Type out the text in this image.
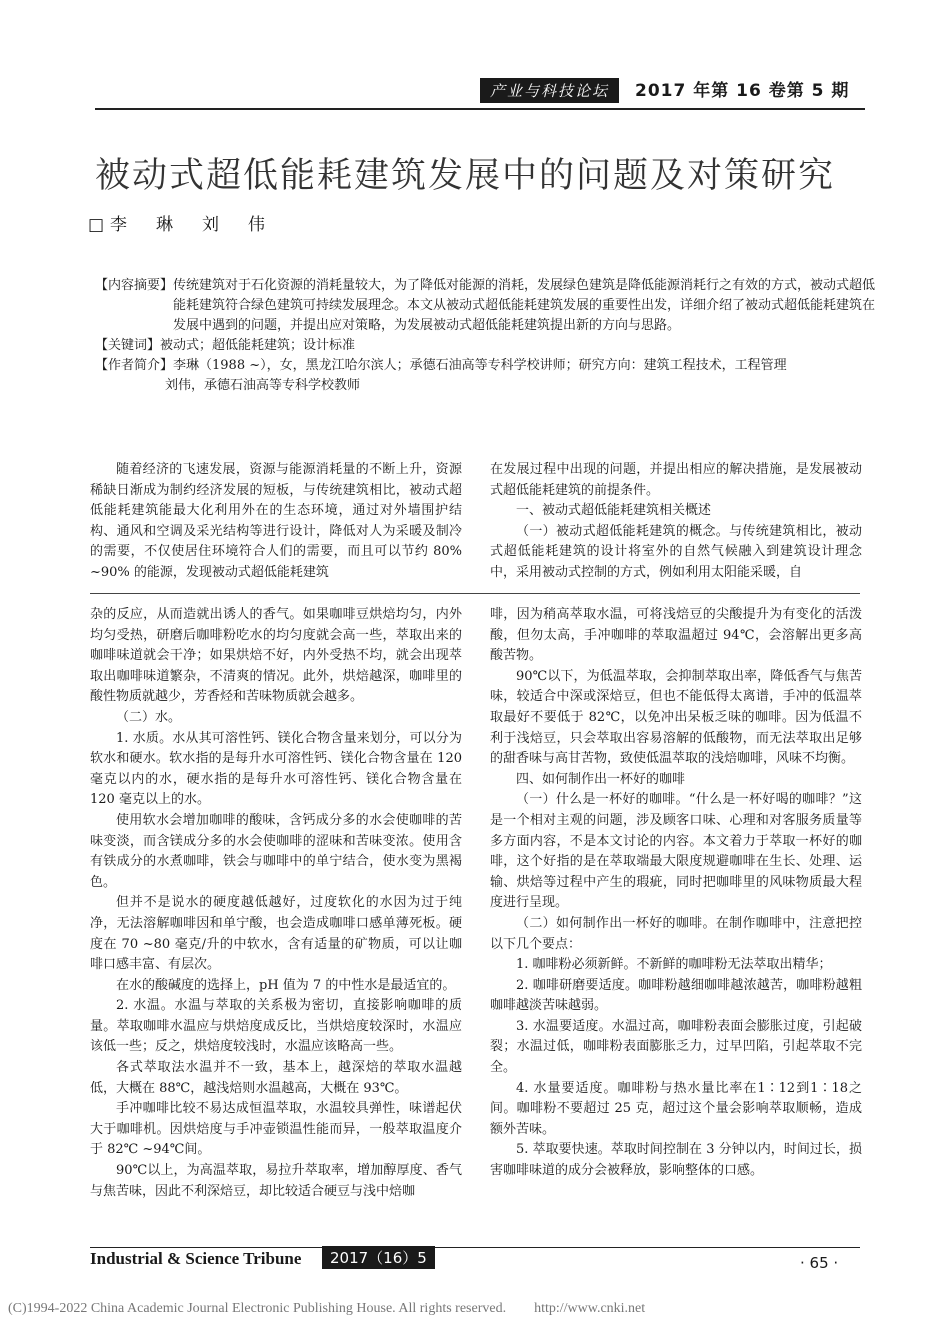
产业与科技论坛	2017 年第 16 卷第 5 期
被动式超低能耗建筑发展中的问题及对策研究
□李　琳　刘　伟
【内容摘要】 传统建筑对于石化资源的消耗量较大，为了降低对能源的消耗，发展绿色建筑是降低能源消耗行之有效的方式，被动式超低能耗建筑符合绿色建筑可持续发展理念。本文从被动式超低能耗建筑发展的重要性出发，详细介绍了被动式超低能耗建筑在发展中遇到的问题，并提出应对策略，为发展被动式超低能耗建筑提出新的方向与思路。
【关键词】 被动式；超低能耗建筑；设计标准
【作者简介】 李琳（1988 ~），女，黑龙江哈尔滨人；承德石油高等专科学校讲师；研究方向：建筑工程技术，工程管理
刘伟，承德石油高等专科学校教师

随着经济的飞速发展，资源与能源消耗量的不断上升，资源稀缺日渐成为制约经济发展的短板，与传统建筑相比，被动式超低能耗建筑能最大化利用外在的生态环境，通过对外墙围护结构、通风和空调及采光结构等进行设计，降低对人为采暖及制冷的需要，不仅使居住环境符合人们的需要，而且可以节约 80% ~90% 的能源，发现被动式超低能耗建筑

在发展过程中出现的问题，并提出相应的解决措施，是发展被动式超低能耗建筑的前提条件。

一、被动式超低能耗建筑相关概述

（一）被动式超低能耗建筑的概念。与传统建筑相比，被动式超低能耗建筑的设计将室外的自然气候融入到建筑设计理念中，采用被动式控制的方式，例如利用太阳能采暖，自

杂的反应，从而造就出诱人的香气。如果咖啡豆烘焙均匀，内外均匀受热，研磨后咖啡粉吃水的均匀度就会高一些，萃取出来的咖啡味道就会干净；如果烘焙不好，内外受热不均，就会出现萃取出咖啡味道繁杂，不清爽的情况。此外，烘焙越深，咖啡里的酸性物质就越少，芳香烃和苦味物质就会越多。

（二）水。

1. 水质。水从其可溶性钙、镁化合物含量来划分，可以分为软水和硬水。软水指的是每升水可溶性钙、镁化合物含量在 120 毫克以内的水，硬水指的是每升水可溶性钙、镁化合物含量在 120 毫克以上的水。

使用软水会增加咖啡的酸味，含钙成分多的水会使咖啡的苦味变淡，而含镁成分多的水会使咖啡的涩味和苦味变浓。使用含有铁成分的水煮咖啡，铁会与咖啡中的单宁结合，使水变为黑褐色。

但并不是说水的硬度越低越好，过度软化的水因为过于纯净，无法溶解咖啡因和单宁酸，也会造成咖啡口感单薄死板。硬度在 70 ~80 毫克/升的中软水，含有适量的矿物质，可以让咖啡口感丰富、有层次。

在水的酸碱度的选择上，pH 值为 7 的中性水是最适宜的。

2. 水温。水温与萃取的关系极为密切，直接影响咖啡的质量。萃取咖啡水温应与烘焙度成反比，当烘焙度较深时，水温应该低一些；反之，烘焙度较浅时，水温应该略高一些。

各式萃取法水温并不一致，基本上，越深焙的萃取水温越低，大概在 88℃，越浅焙则水温越高，大概在 93℃。

手冲咖啡比较不易达成恒温萃取，水温较具弹性，味谱起伏大于咖啡机。因烘焙度与手冲壶锁温性能而异，一般萃取温度介于 82℃ ~94℃间。

90℃以上，为高温萃取，易拉升萃取率，增加醇厚度、香气与焦苦味，因此不利深焙豆，却比较适合硬豆与浅中焙咖

啡，因为稍高萃取水温，可将浅焙豆的尖酸提升为有变化的活泼酸，但勿太高，手冲咖啡的萃取温超过 94℃，会溶解出更多高酸苦物。

90℃以下，为低温萃取，会抑制萃取出率，降低香气与焦苦味，较适合中深或深焙豆，但也不能低得太离谱，手冲的低温萃取最好不要低于 82℃，以免冲出呆板乏味的咖啡。因为低温不利于浅焙豆，只会萃取出容易溶解的低酸物，而无法萃取出足够的甜香味与高甘苦物，致使低温萃取的浅焙咖啡，风味不均衡。

四、如何制作出一杯好的咖啡

（一）什么是一杯好的咖啡。“什么是一杯好喝的咖啡？”这是一个相对主观的问题，涉及顾客口味、心理和对客服务质量等多方面内容，不是本文讨论的内容。本文着力于萃取一杯好的咖啡，这个好指的是在萃取端最大限度规避咖啡在生长、处理、运输、烘焙等过程中产生的瑕疵，同时把咖啡里的风味物质最大程度进行呈现。

（二）如何制作出一杯好的咖啡。在制作咖啡中，注意把控以下几个要点：

1. 咖啡粉必须新鲜。不新鲜的咖啡粉无法萃取出精华；

2. 咖啡研磨要适度。咖啡粉越细咖啡越浓越苦，咖啡粉越粗咖啡越淡苦味越弱。

3. 水温要适度。水温过高，咖啡粉表面会膨胀过度，引起破裂；水温过低，咖啡粉表面膨胀乏力，过早凹陷，引起萃取不完全。

4. 水量要适度。咖啡粉与热水量比率在1∶12到1∶18之间。咖啡粉不要超过 25 克，超过这个量会影响萃取顺畅，造成额外苦味。

5. 萃取要快速。萃取时间控制在 3 分钟以内，时间过长，损害咖啡味道的成分会被释放，影响整体的口感。

Industrial & Science Tribune	2017（16）5	· 65 ·
(C)1994-2022 China Academic Journal Electronic Publishing House. All rights reserved.　　http://www.cnki.net
